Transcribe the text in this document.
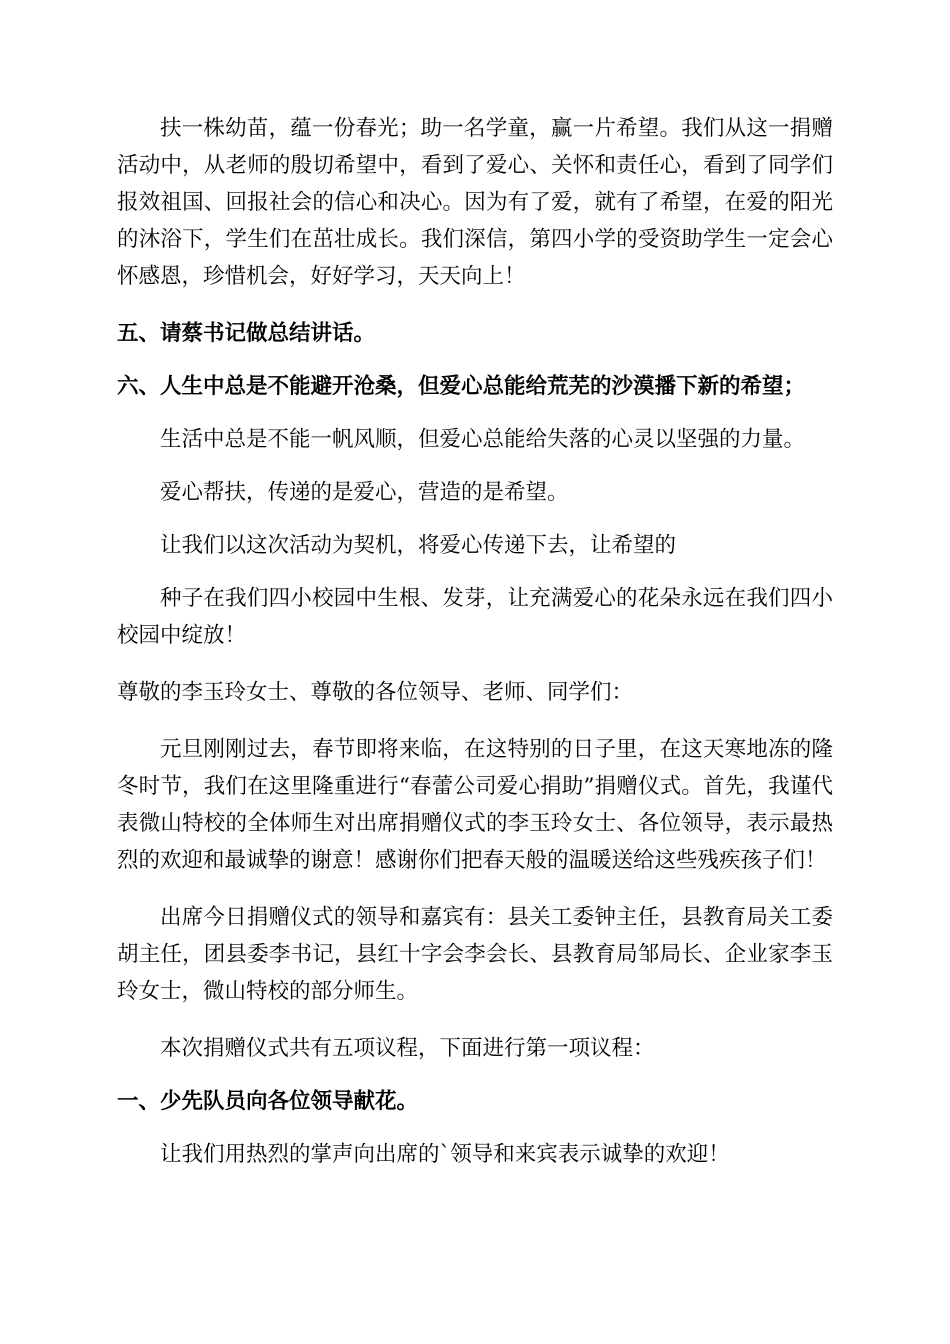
扶一株幼苗，蕴一份春光；助一名学童，赢一片希望。我们从这一捐赠活动中，从老师的殷切希望中，看到了爱心、关怀和责任心，看到了同学们报效祖国、回报社会的信心和决心。因为有了爱，就有了希望，在爱的阳光的沐浴下，学生们在茁壮成长。我们深信，第四小学的受资助学生一定会心怀感恩，珍惜机会，好好学习，天天向上！

五、请蔡书记做总结讲话。

六、人生中总是不能避开沧桑，但爱心总能给荒芜的沙漠播下新的希望；

生活中总是不能一帆风顺，但爱心总能给失落的心灵以坚强的力量。

爱心帮扶，传递的是爱心，营造的是希望。

让我们以这次活动为契机，将爱心传递下去，让希望的

种子在我们四小校园中生根、发芽，让充满爱心的花朵永远在我们四小校园中绽放！

尊敬的李玉玲女士、尊敬的各位领导、老师、同学们：

元旦刚刚过去，春节即将来临，在这特别的日子里，在这天寒地冻的隆冬时节，我们在这里隆重进行“春蕾公司爱心捐助”捐赠仪式。首先，我谨代表微山特校的全体师生对出席捐赠仪式的李玉玲女士、各位领导，表示最热烈的欢迎和最诚挚的谢意！感谢你们把春天般的温暖送给这些残疾孩子们！

出席今日捐赠仪式的领导和嘉宾有：县关工委钟主任，县教育局关工委胡主任，团县委李书记，县红十字会李会长、县教育局邹局长、企业家李玉玲女士，微山特校的部分师生。

本次捐赠仪式共有五项议程，下面进行第一项议程：

一、少先队员向各位领导献花。

让我们用热烈的掌声向出席的`领导和来宾表示诚挚的欢迎！
